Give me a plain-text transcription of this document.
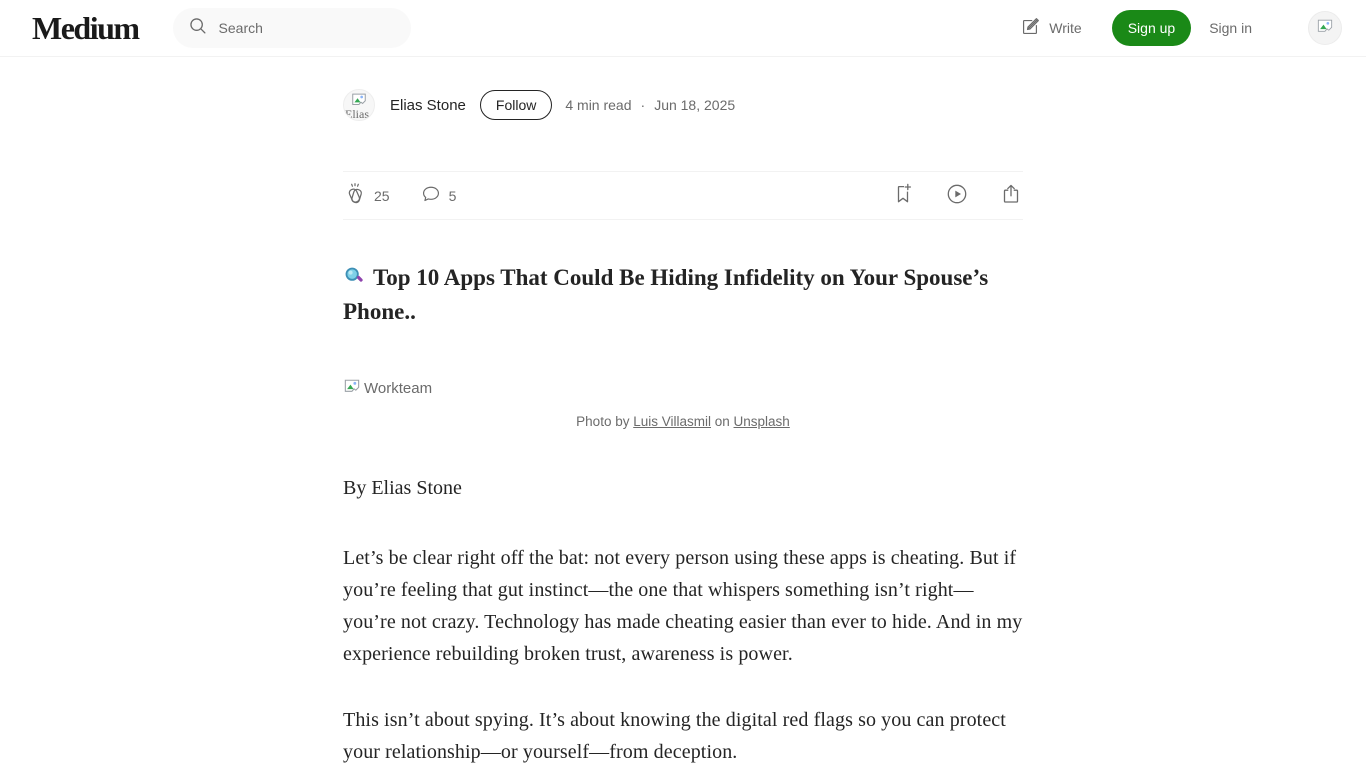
Medium
Search	Write	Sign up	Sign in
Elias
Elias Stone	Follow	4 min read · Jun 18, 2025
25	5
Top 10 Apps That Could Be Hiding Infidelity on Your Spouse’s Phone..
Workteam
Photo by Luis Villasmil on Unsplash

By Elias Stone

Let’s be clear right off the bat: not every person using these apps is cheating. But if you’re feeling that gut instinct—the one that whispers something isn’t right—you’re not crazy. Technology has made cheating easier than ever to hide. And in my experience rebuilding broken trust, awareness is power.

This isn’t about spying. It’s about knowing the digital red flags so you can protect your relationship—or yourself—from deception.
